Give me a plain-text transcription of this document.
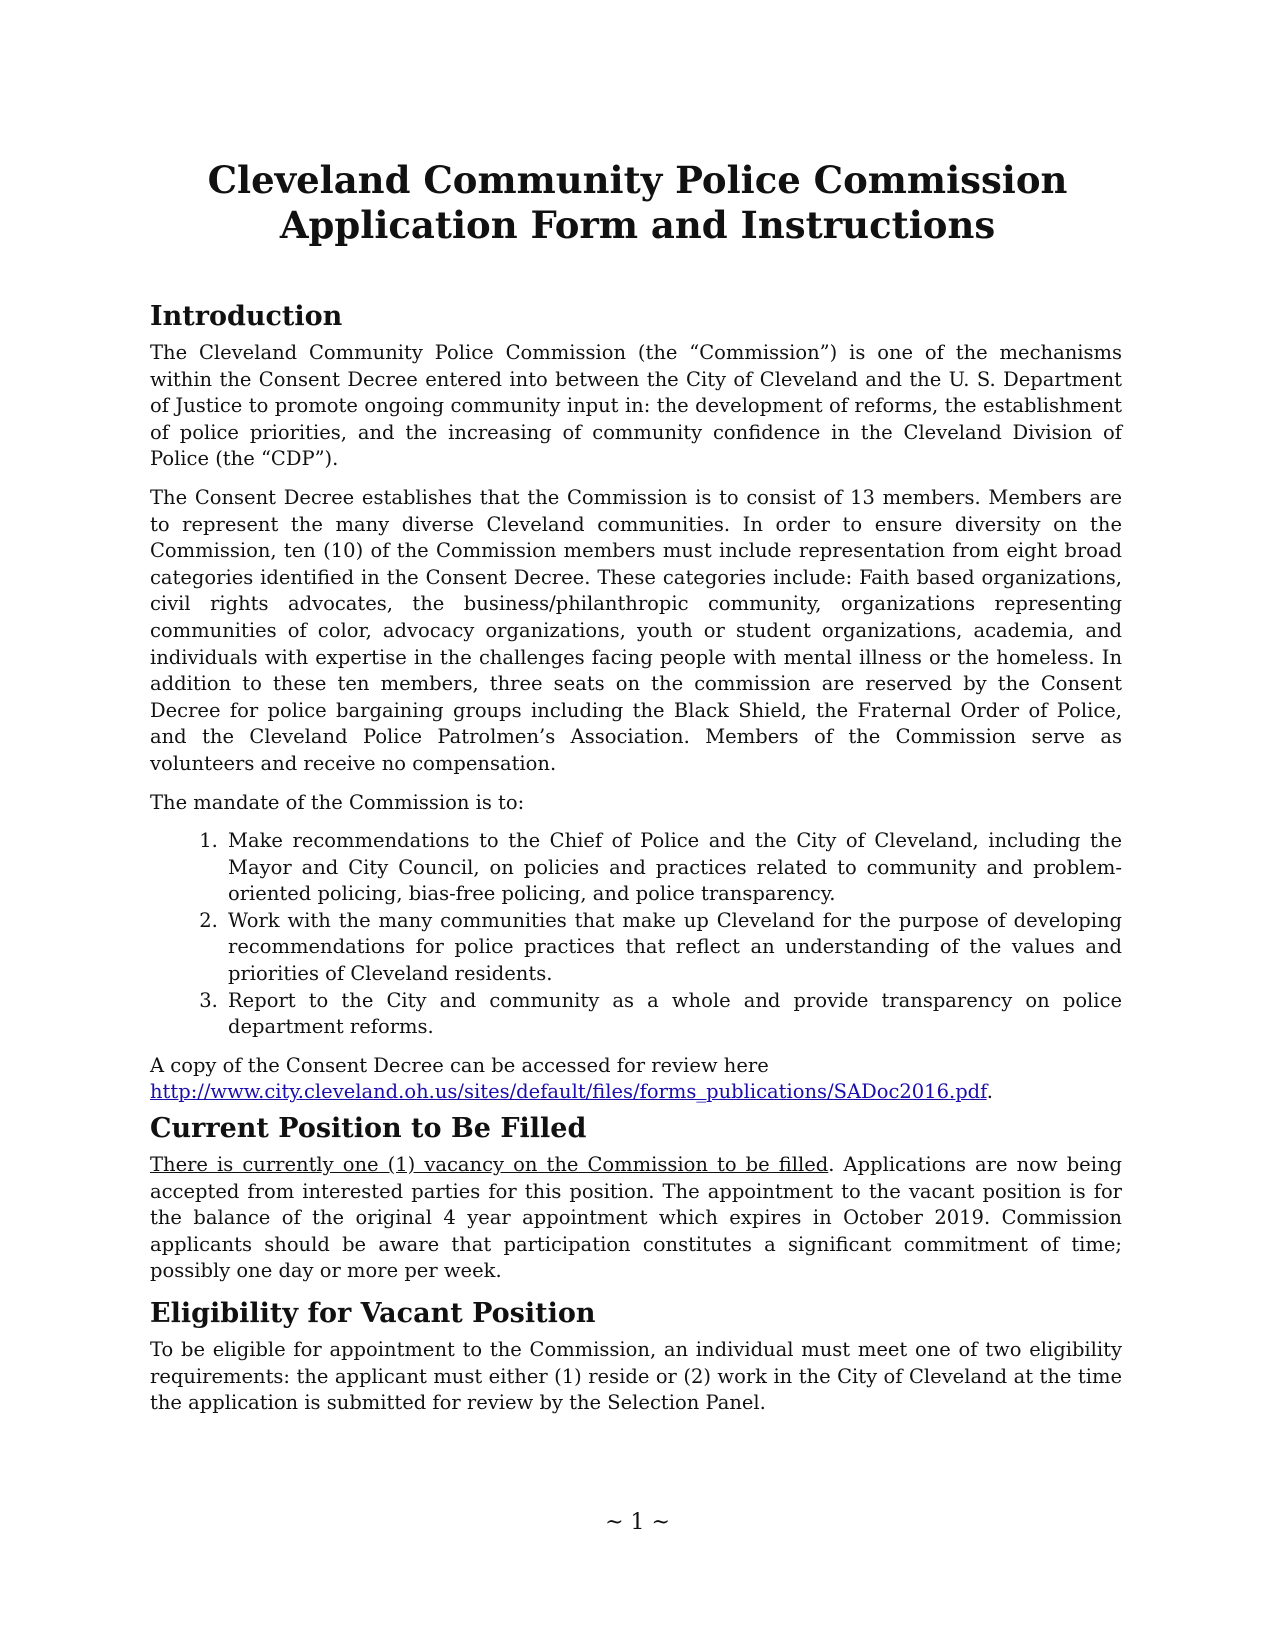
Cleveland Community Police Commission
Application Form and Instructions
Introduction

The Cleveland Community Police Commission (the “Commission”) is one of the mechanisms within the Consent Decree entered into between the City of Cleveland and the U. S. Department of Justice to promote ongoing community input in: the development of reforms, the establishment of police priorities, and the increasing of community confidence in the Cleveland Division of Police (the “CDP”).

The Consent Decree establishes that the Commission is to consist of 13 members. Members are to represent the many diverse Cleveland communities. In order to ensure diversity on the Commission, ten (10) of the Commission members must include representation from eight broad categories identified in the Consent Decree. These categories include: Faith based organizations, civil rights advocates, the business/philanthropic community, organizations representing communities of color, advocacy organizations, youth or student organizations, academia, and individuals with expertise in the challenges facing people with mental illness or the homeless. In addition to these ten members, three seats on the commission are reserved by the Consent Decree for police bargaining groups including the Black Shield, the Fraternal Order of Police, and the Cleveland Police Patrolmen’s Association. Members of the Commission serve as volunteers and receive no compensation.

The mandate of the Commission is to:

1. Make recommendations to the Chief of Police and the City of Cleveland, including the Mayor and City Council, on policies and practices related to community and problem-oriented policing, bias-free policing, and police transparency.
2. Work with the many communities that make up Cleveland for the purpose of developing recommendations for police practices that reflect an understanding of the values and priorities of Cleveland residents.
3. Report to the City and community as a whole and provide transparency on police department reforms.

A copy of the Consent Decree can be accessed for review here
http://www.city.cleveland.oh.us/sites/default/files/forms_publications/SADoc2016.pdf.

Current Position to Be Filled

There is currently one (1) vacancy on the Commission to be filled. Applications are now being accepted from interested parties for this position. The appointment to the vacant position is for the balance of the original 4 year appointment which expires in October 2019. Commission applicants should be aware that participation constitutes a significant commitment of time; possibly one day or more per week.

Eligibility for Vacant Position

To be eligible for appointment to the Commission, an individual must meet one of two eligibility requirements: the applicant must either (1) reside or (2) work in the City of Cleveland at the time the application is submitted for review by the Selection Panel.

~ 1 ~
